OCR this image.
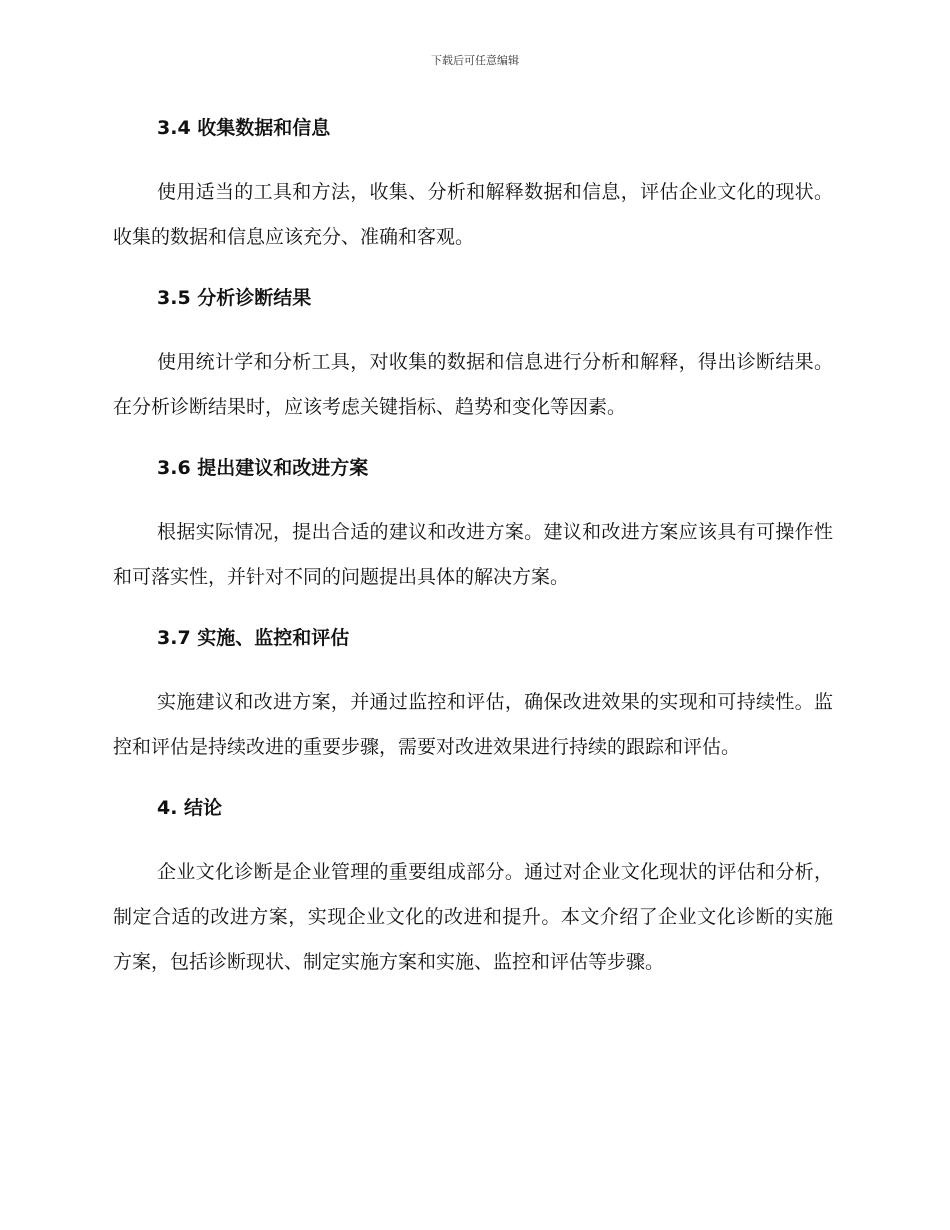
下载后可任意编辑
3.4 收集数据和信息

使用适当的工具和方法，收集、分析和解释数据和信息，评估企业文化的现状。收集的数据和信息应该充分、准确和客观。

3.5 分析诊断结果

使用统计学和分析工具，对收集的数据和信息进行分析和解释，得出诊断结果。在分析诊断结果时，应该考虑关键指标、趋势和变化等因素。

3.6 提出建议和改进方案

根据实际情况，提出合适的建议和改进方案。建议和改进方案应该具有可操作性和可落实性，并针对不同的问题提出具体的解决方案。

3.7 实施、监控和评估

实施建议和改进方案，并通过监控和评估，确保改进效果的实现和可持续性。监控和评估是持续改进的重要步骤，需要对改进效果进行持续的跟踪和评估。

4. 结论

企业文化诊断是企业管理的重要组成部分。通过对企业文化现状的评估和分析，制定合适的改进方案，实现企业文化的改进和提升。本文介绍了企业文化诊断的实施方案，包括诊断现状、制定实施方案和实施、监控和评估等步骤。
